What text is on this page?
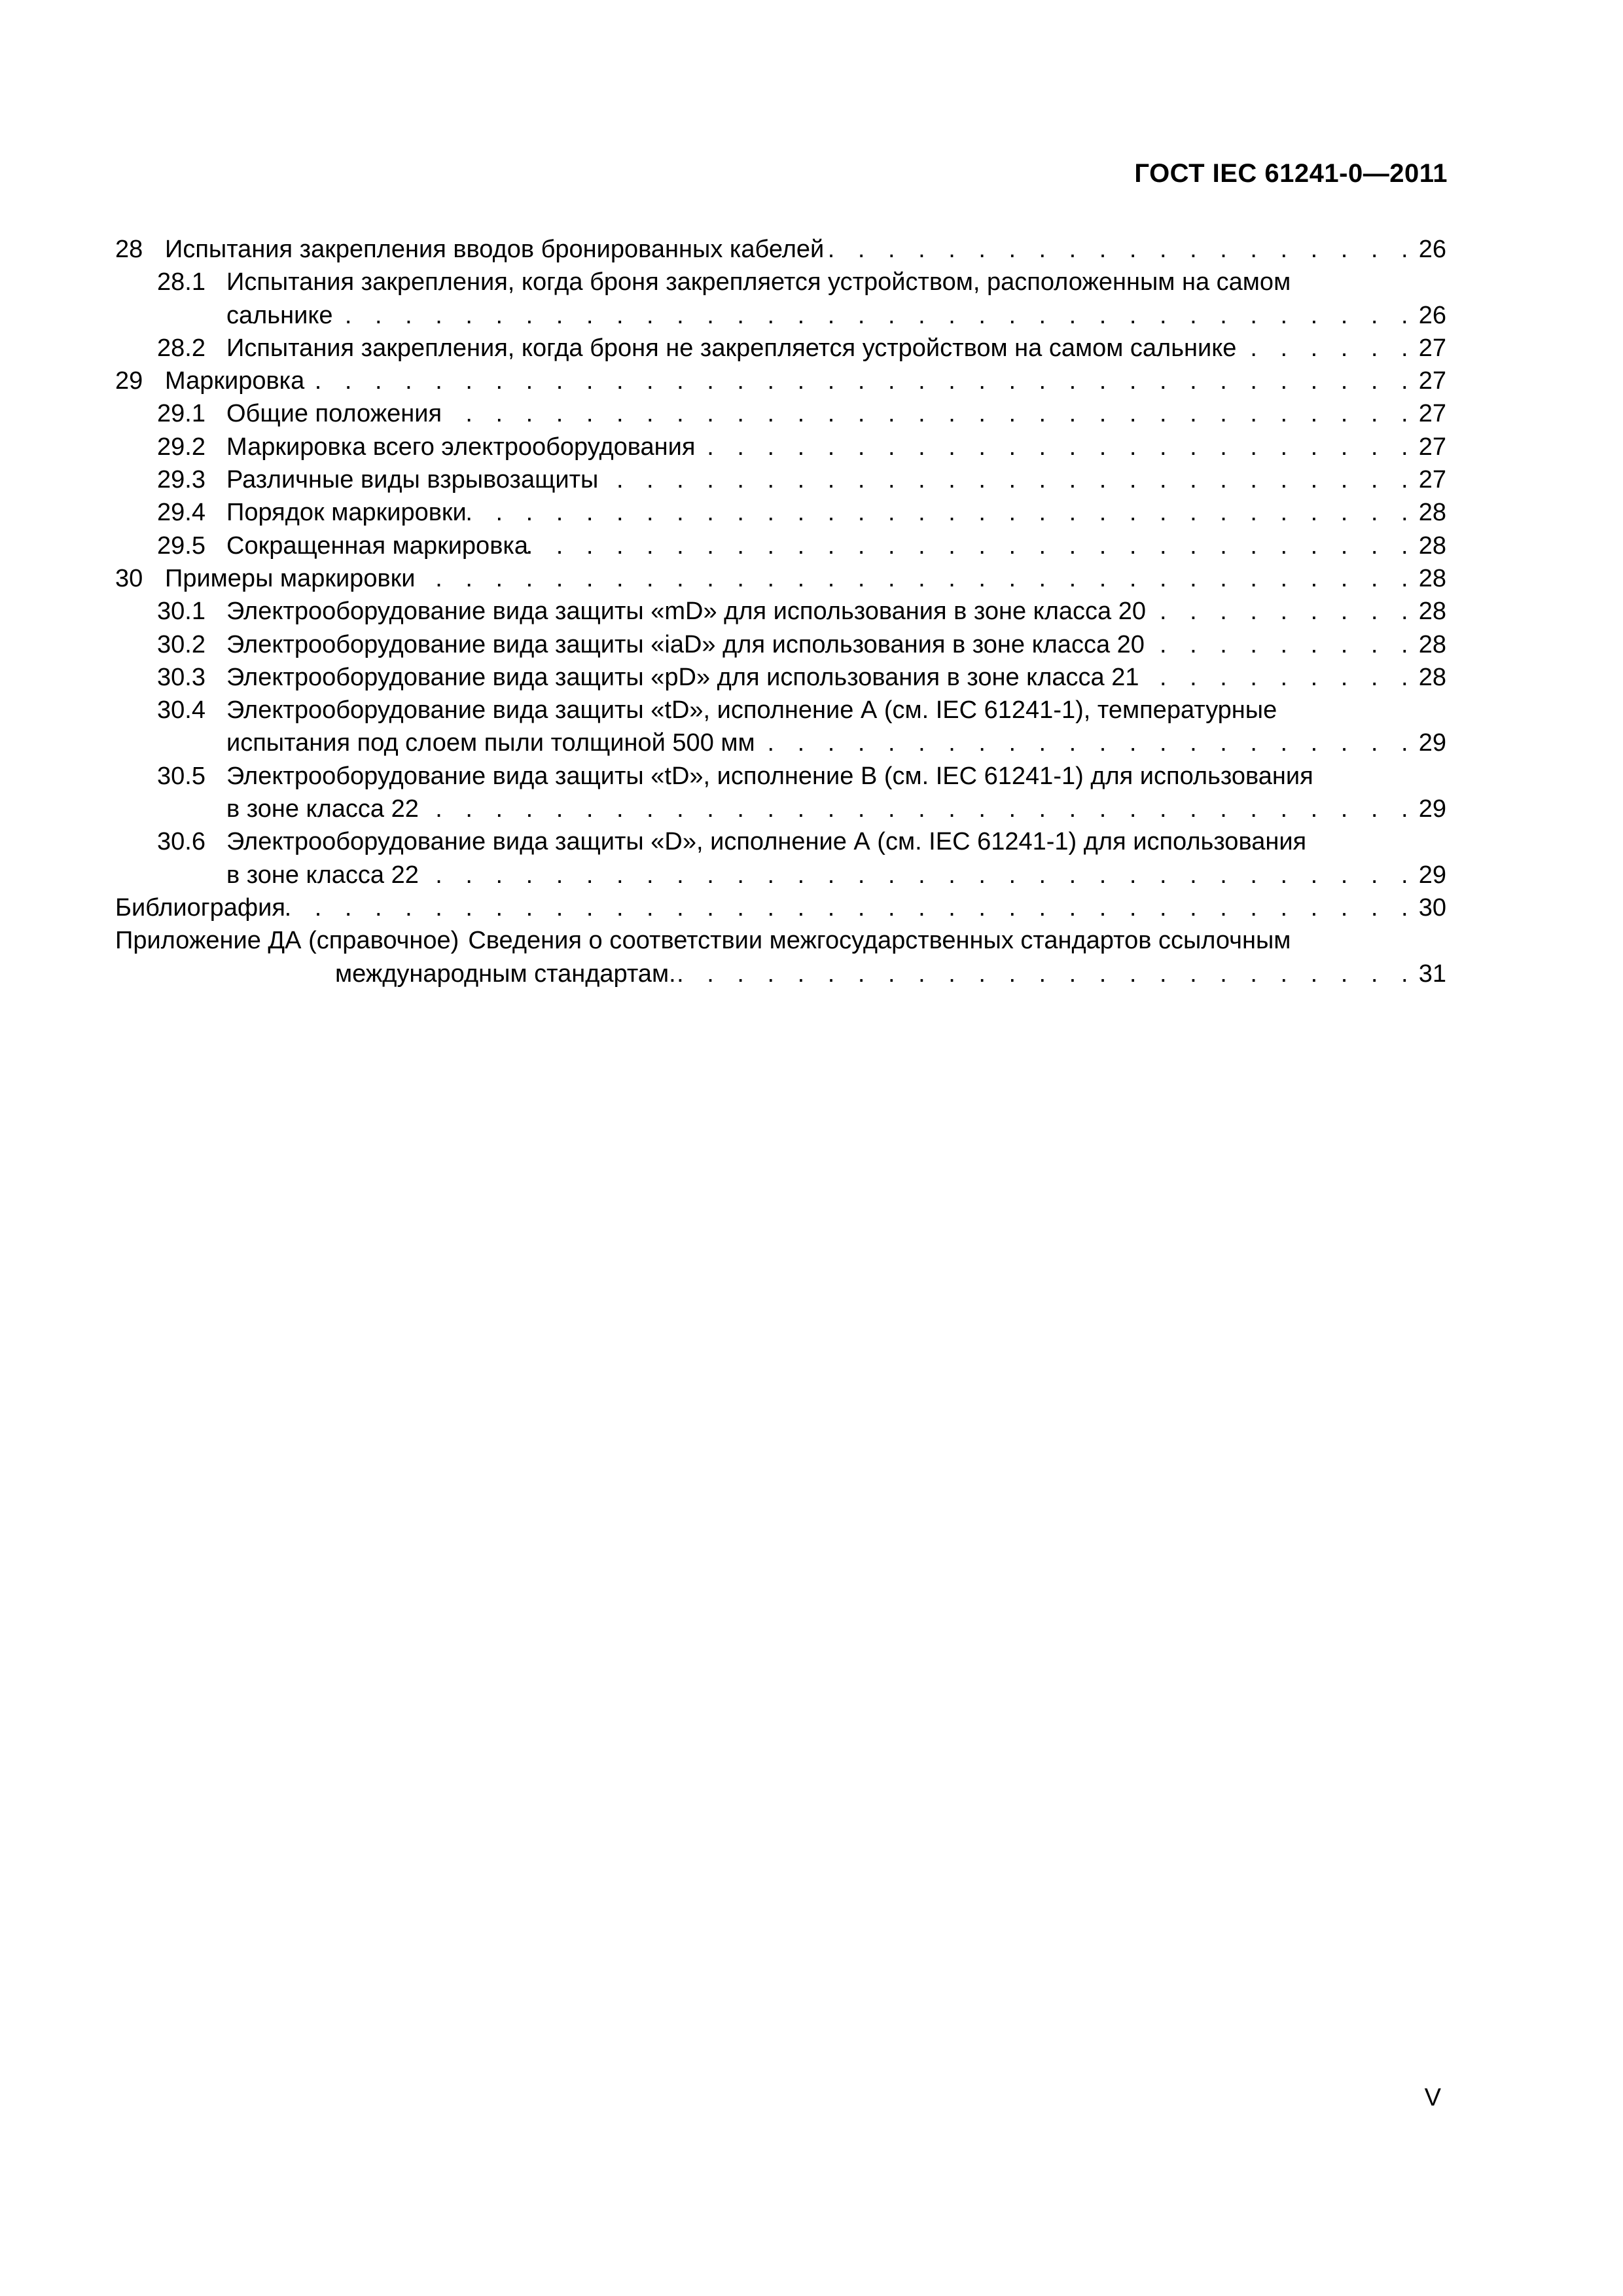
ГОСТ IEC 61241-0—2011
28 Испытания закрепления вводов бронированных кабелей . . .	26
28.1 Испытания закрепления, когда броня закрепляется устройством, расположенным на самом
сальнике . . .	26
28.2 Испытания закрепления, когда броня не закрепляется устройством на самом сальнике . . .	27
29 Маркировка . . .	27
29.1 Общие положения . . .	27
29.2 Маркировка всего электрооборудования . . .	27
29.3 Различные виды взрывозащиты . . .	27
29.4 Порядок маркировки . . .	28
29.5 Сокращенная маркировка . . .	28
30 Примеры маркировки . . .	28
30.1 Электрооборудование вида защиты «mD» для использования в зоне класса 20 . . .	28
30.2 Электрооборудование вида защиты «iaD» для использования в зоне класса 20 . . .	28
30.3 Электрооборудование вида защиты «pD» для использования в зоне класса 21 . . .	28
30.4 Электрооборудование вида защиты «tD», исполнение А (см. IEC 61241-1), температурные
испытания под слоем пыли толщиной 500 мм . . .	29
30.5 Электрооборудование вида защиты «tD», исполнение В (см. IEC 61241-1) для использования
в зоне класса 22 . . .	29
30.6 Электрооборудование вида защиты «D», исполнение А (см. IEC 61241-1) для использования
в зоне класса 22 . . .	29
Библиография . . .	30
Приложение ДА (справочное) Сведения о соответствии межгосударственных стандартов ссылочным
международным стандартам. . . .	31
V
